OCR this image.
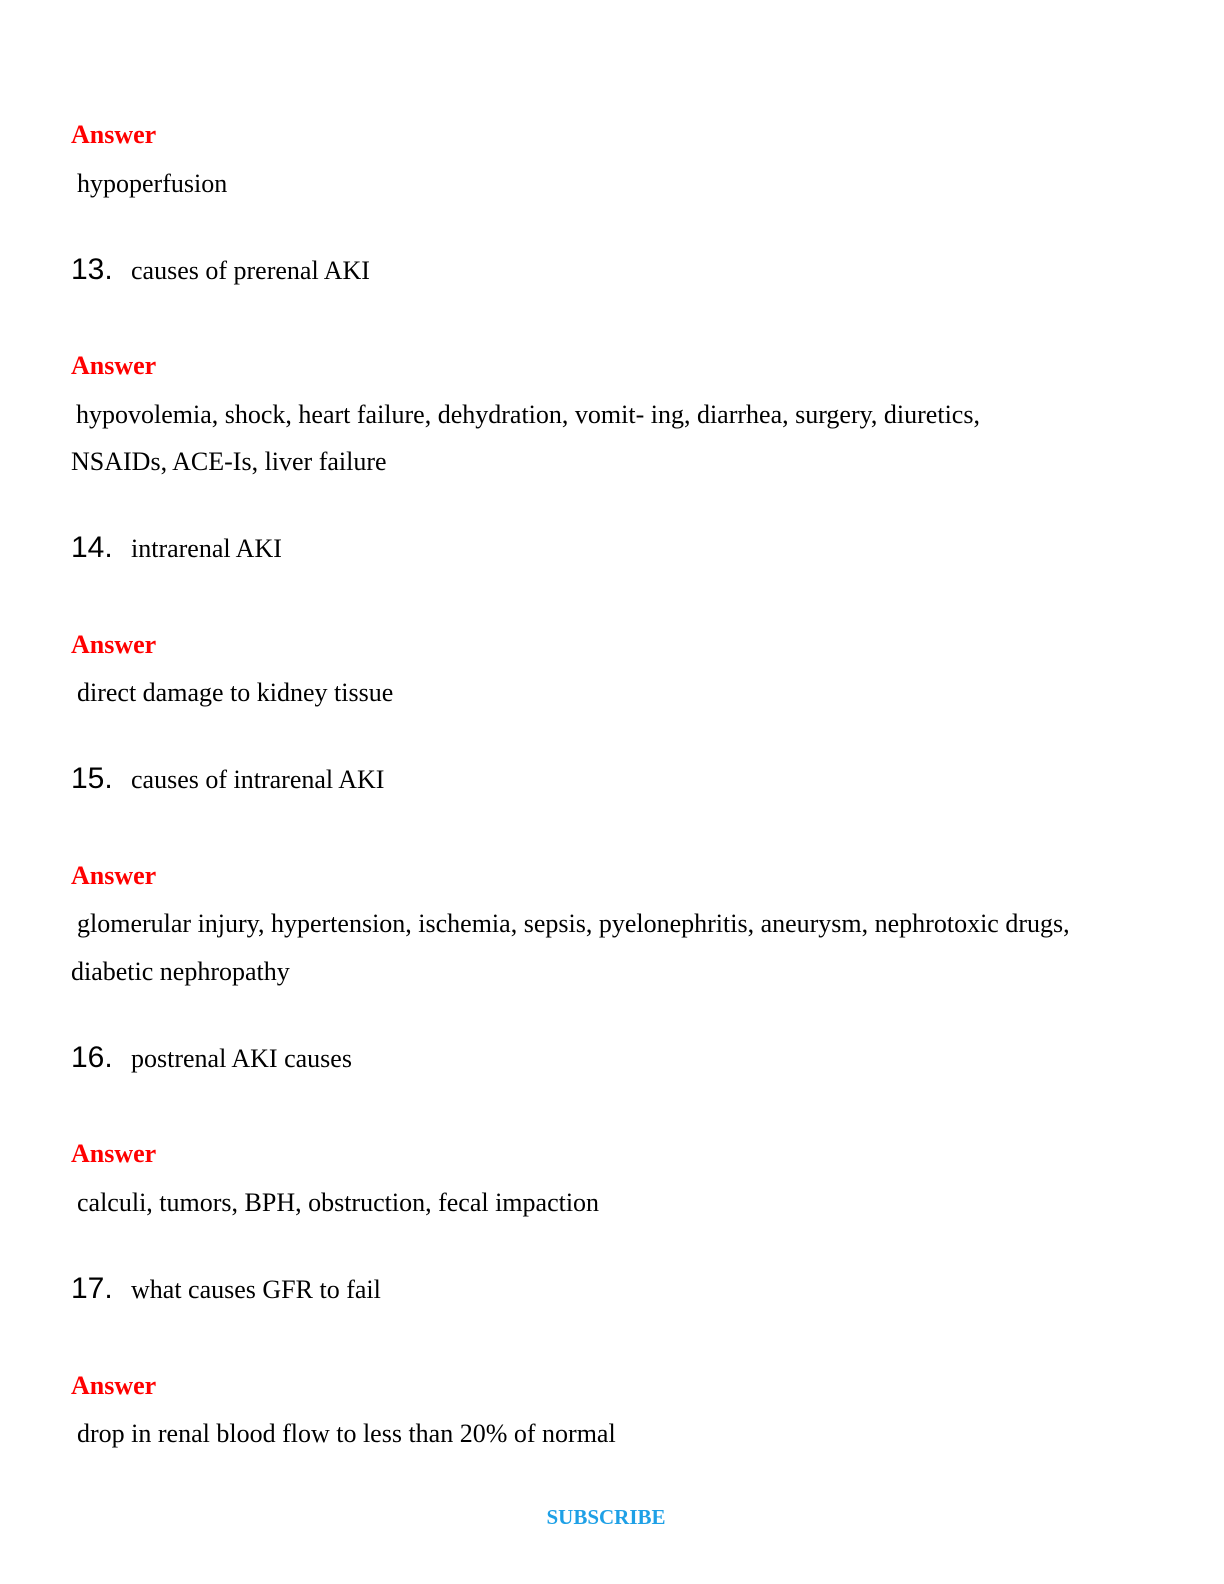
Answer
hypoperfusion
13. causes of prerenal AKI
Answer
hypovolemia, shock, heart failure, dehydration, vomit- ing, diarrhea, surgery, diuretics,
NSAIDs, ACE-Is, liver failure
14. intrarenal AKI
Answer
direct damage to kidney tissue
15. causes of intrarenal AKI
Answer
glomerular injury, hypertension, ischemia, sepsis, pyelonephritis, aneurysm, nephrotoxic drugs,
diabetic nephropathy
16. postrenal AKI causes
Answer
calculi, tumors, BPH, obstruction, fecal impaction
17. what causes GFR to fail
Answer
drop in renal blood flow to less than 20% of normal
SUBSCRIBE
